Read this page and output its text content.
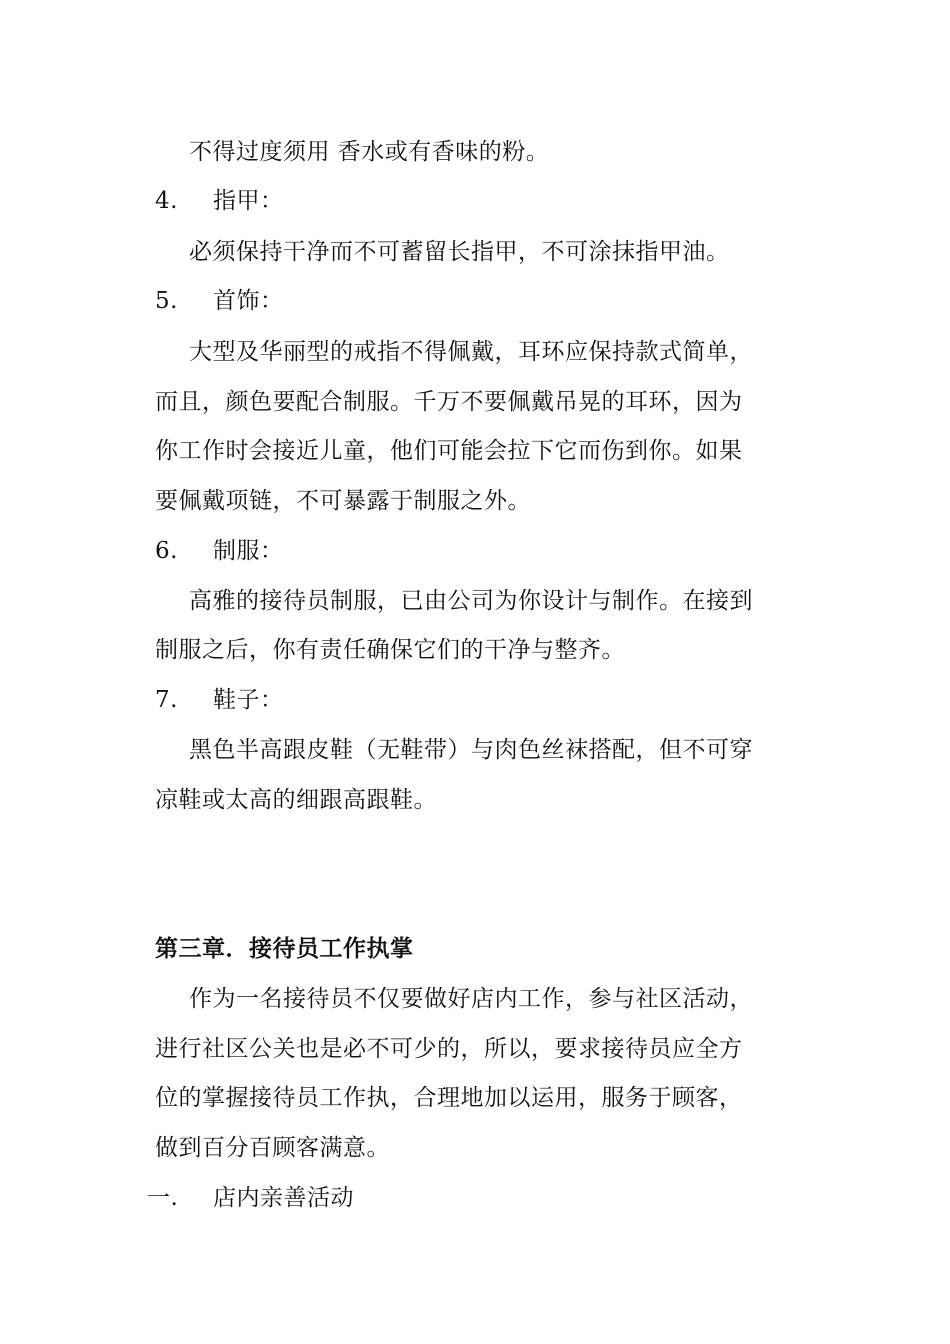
不得过度须用 香水或有香味的粉。
4. 指甲：
必须保持干净而不可蓄留长指甲，不可涂抹指甲油。
5. 首饰：
大型及华丽型的戒指不得佩戴，耳环应保持款式简单，
而且，颜色要配合制服。千万不要佩戴吊晃的耳环，因为
你工作时会接近儿童，他们可能会拉下它而伤到你。如果
要佩戴项链，不可暴露于制服之外。
6. 制服：
高雅的接待员制服，已由公司为你设计与制作。在接到
制服之后，你有责任确保它们的干净与整齐。
7. 鞋子：
黑色半高跟皮鞋（无鞋带）与肉色丝袜搭配，但不可穿
凉鞋或太高的细跟高跟鞋。
第三章．接待员工作执掌
作为一名接待员不仅要做好店内工作，参与社区活动，
进行社区公关也是必不可少的，所以，要求接待员应全方
位的掌握接待员工作执，合理地加以运用，服务于顾客，
做到百分百顾客满意。
一. 店内亲善活动
